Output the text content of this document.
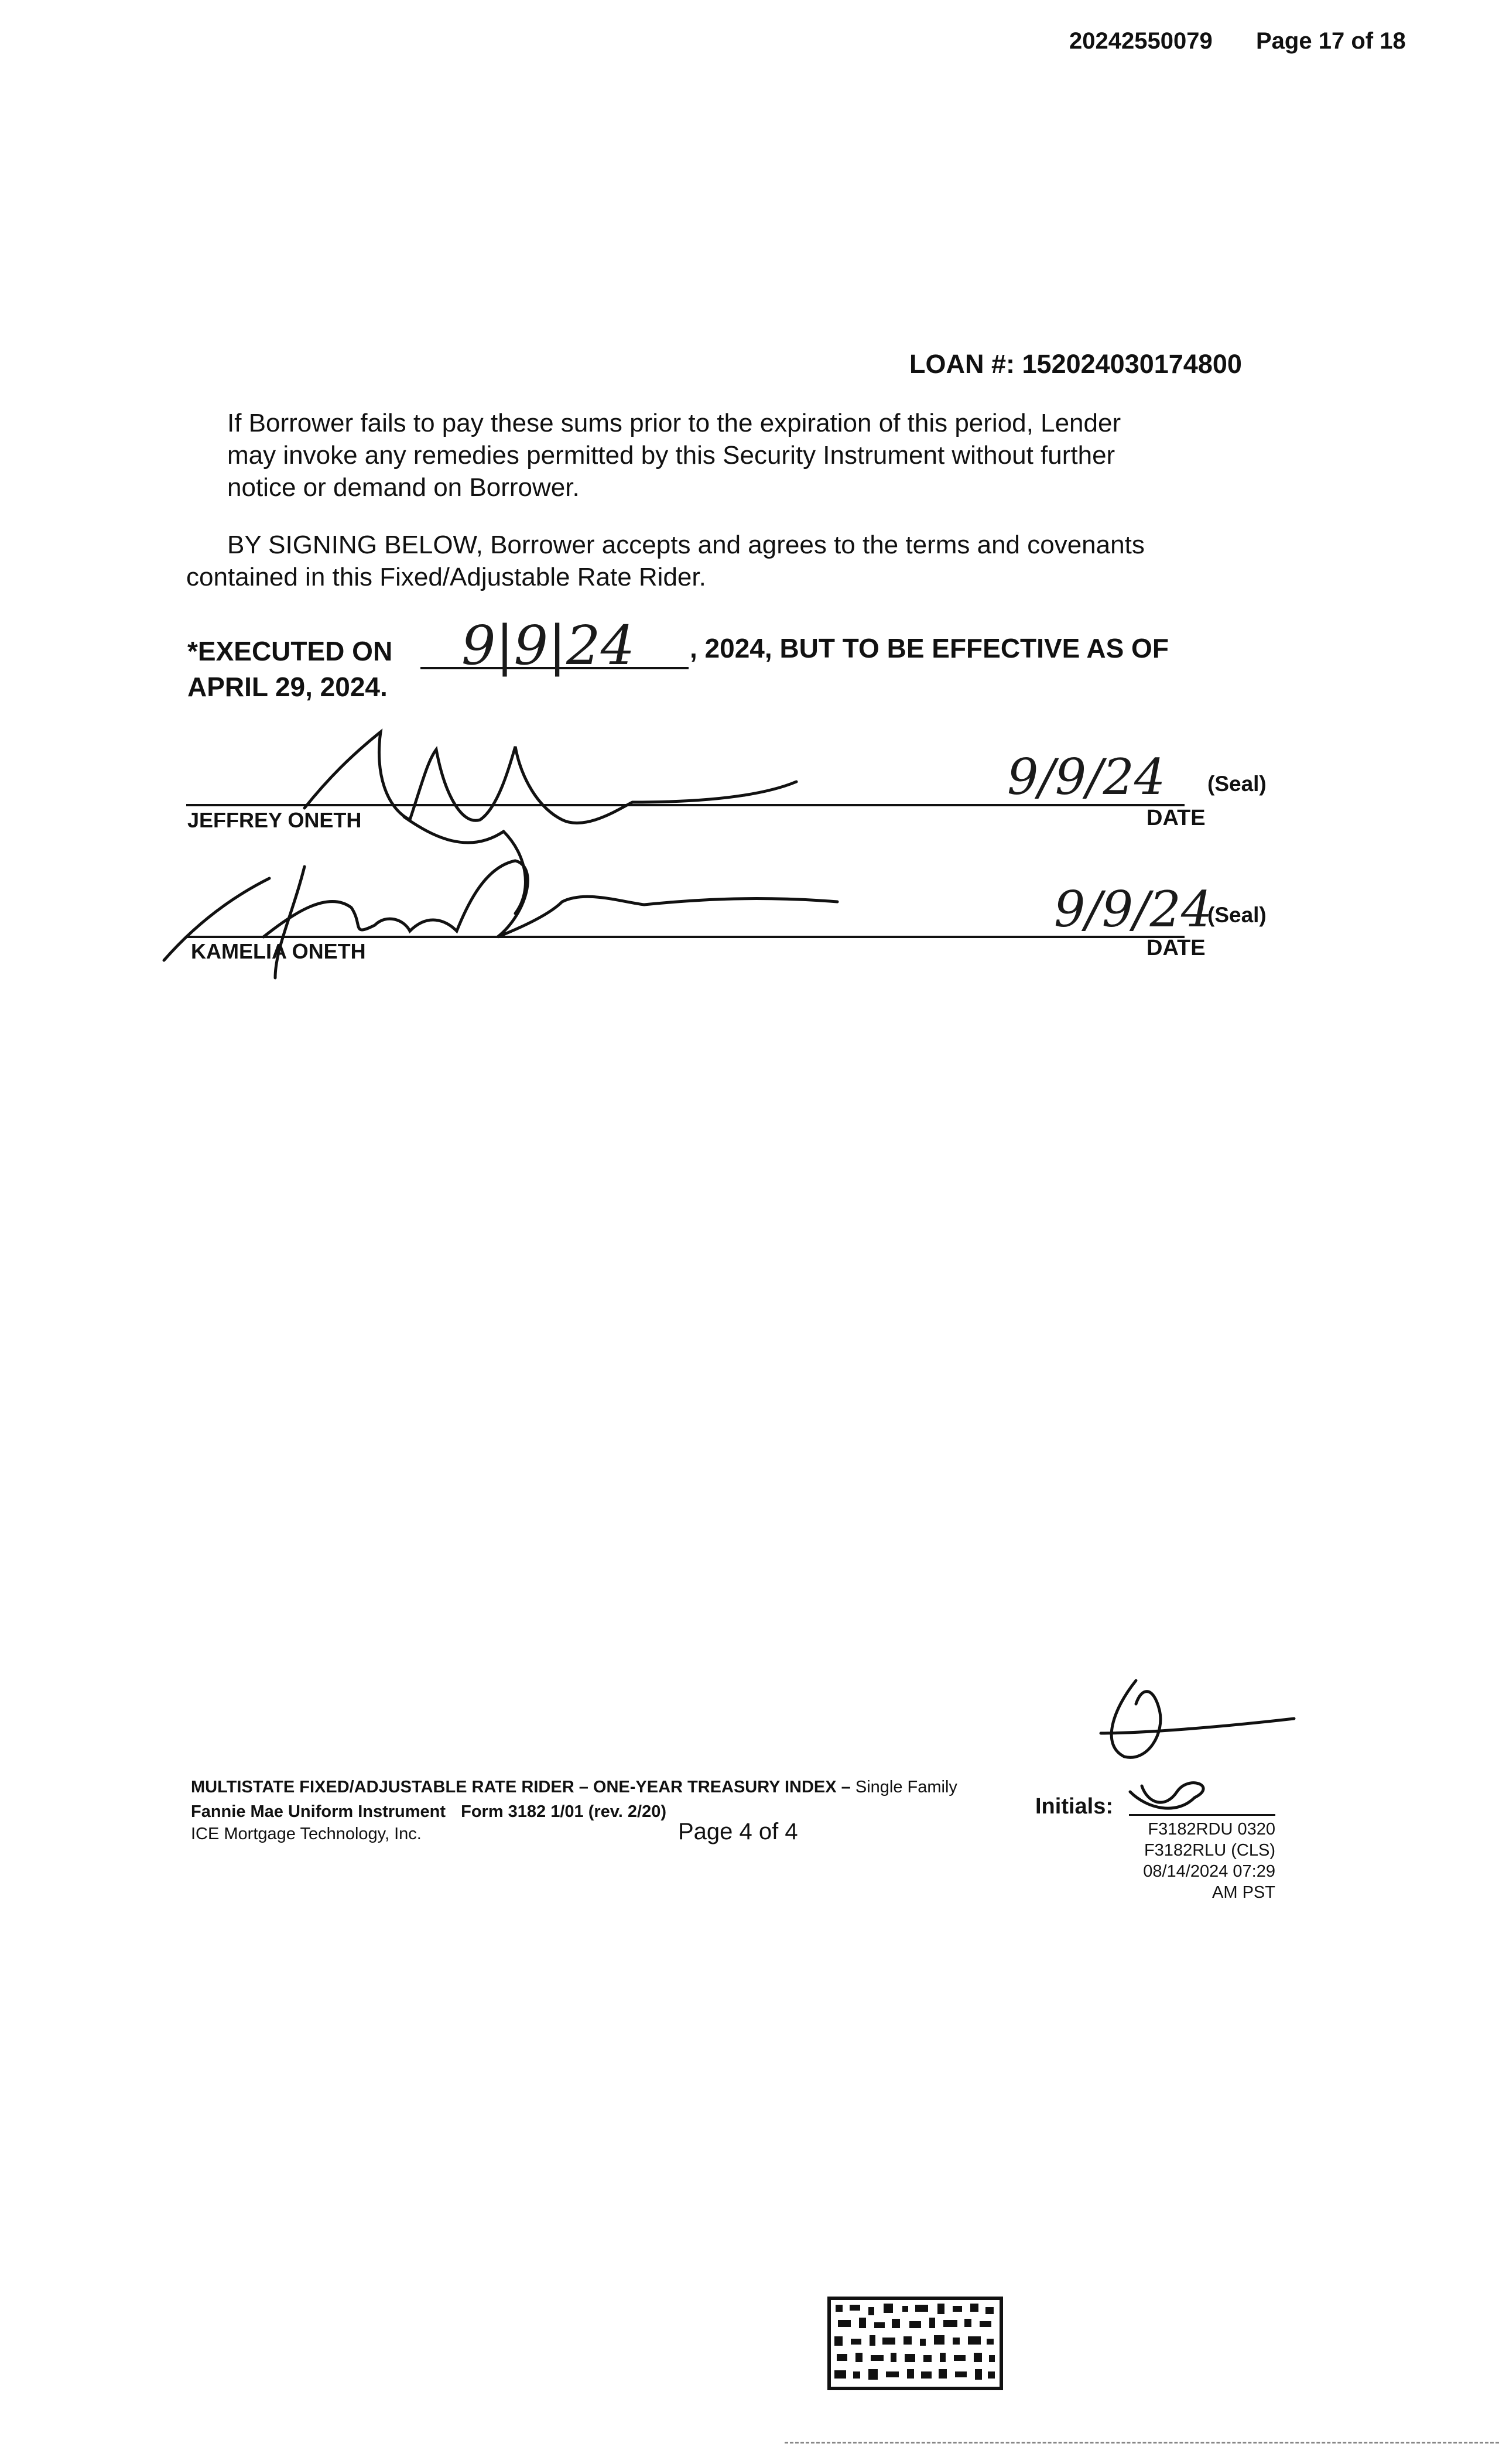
20242550079 Page 17 of 18
LOAN #: 152024030174800
If Borrower fails to pay these sums prior to the expiration of this period, Lender
may invoke any remedies permitted by this Security Instrument without further
notice or demand on Borrower.
BY SIGNING BELOW, Borrower accepts and agrees to the terms and covenants
contained in this Fixed/Adjustable Rate Rider.
*EXECUTED ON 9|9|24 , 2024, BUT TO BE EFFECTIVE AS OF
APRIL 29, 2024.
JEFFREY ONETH
9/9/24 (Seal)
DATE
KAMELIA ONETH
9/9/24
(Seal)
DATE
MULTISTATE FIXED/ADJUSTABLE RATE RIDER – ONE-YEAR TREASURY INDEX – Single Family
Fannie Mae Uniform Instrument Form 3182 1/01 (rev. 2/20)
ICE Mortgage Technology, Inc.	Page 4 of 4
Initials:
F3182RDU 0320
F3182RLU (CLS)
08/14/2024 07:29 AM PST
